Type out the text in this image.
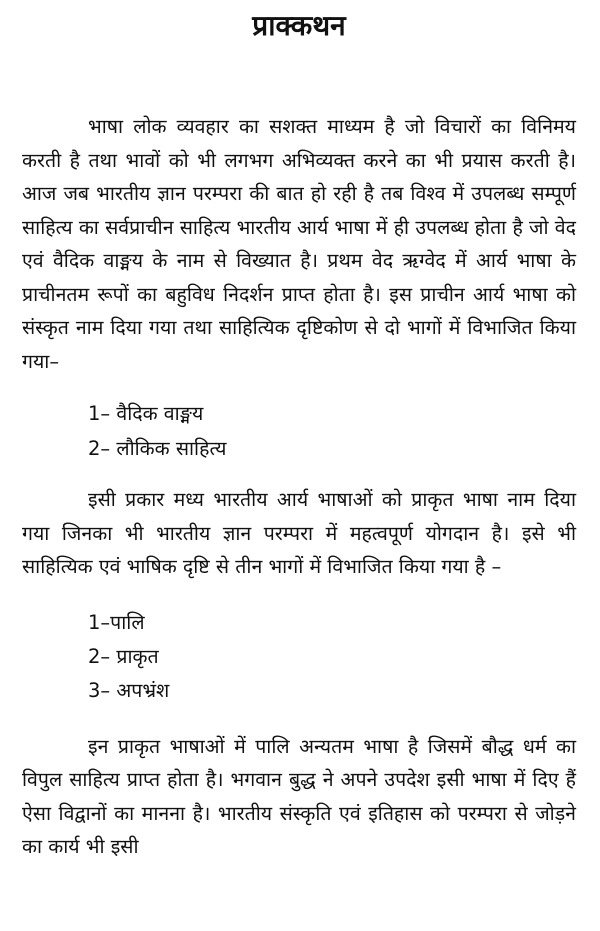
प्राक्कथन

भाषा लोक व्यवहार का सशक्त माध्यम है जो विचारों का विनिमय करती है तथा भावों को भी लगभग अभिव्यक्त करने का भी प्रयास करती है। आज जब भारतीय ज्ञान परम्परा की बात हो रही है तब विश्व में उपलब्ध सम्पूर्ण साहित्य का सर्वप्राचीन साहित्य भारतीय आर्य भाषा में ही उपलब्ध होता है जो वेद एवं वैदिक वाङ्मय के नाम से विख्यात है। प्रथम वेद ऋग्वेद में आर्य भाषा के प्राचीनतम रूपों का बहुविध निदर्शन प्राप्त होता है। इस प्राचीन आर्य भाषा को संस्कृत नाम दिया गया तथा साहित्यिक दृष्टिकोण से दो भागों में विभाजित किया गया–

1– वैदिक वाङ्मय
2– लौकिक साहित्य

इसी प्रकार मध्य भारतीय आर्य भाषाओं को प्राकृत भाषा नाम दिया गया जिनका भी भारतीय ज्ञान परम्परा में महत्वपूर्ण योगदान है। इसे भी साहित्यिक एवं भाषिक दृष्टि से तीन भागों में विभाजित किया गया है –

1–पालि
2– प्राकृत
3– अपभ्रंश

इन प्राकृत भाषाओं में पालि अन्यतम भाषा है जिसमें बौद्ध धर्म का विपुल साहित्य प्राप्त होता है। भगवान बुद्ध ने अपने उपदेश इसी भाषा में दिए हैं ऐसा विद्वानों का मानना है। भारतीय संस्कृति एवं इतिहास को परम्परा से जोड़ने का कार्य भी इसी
